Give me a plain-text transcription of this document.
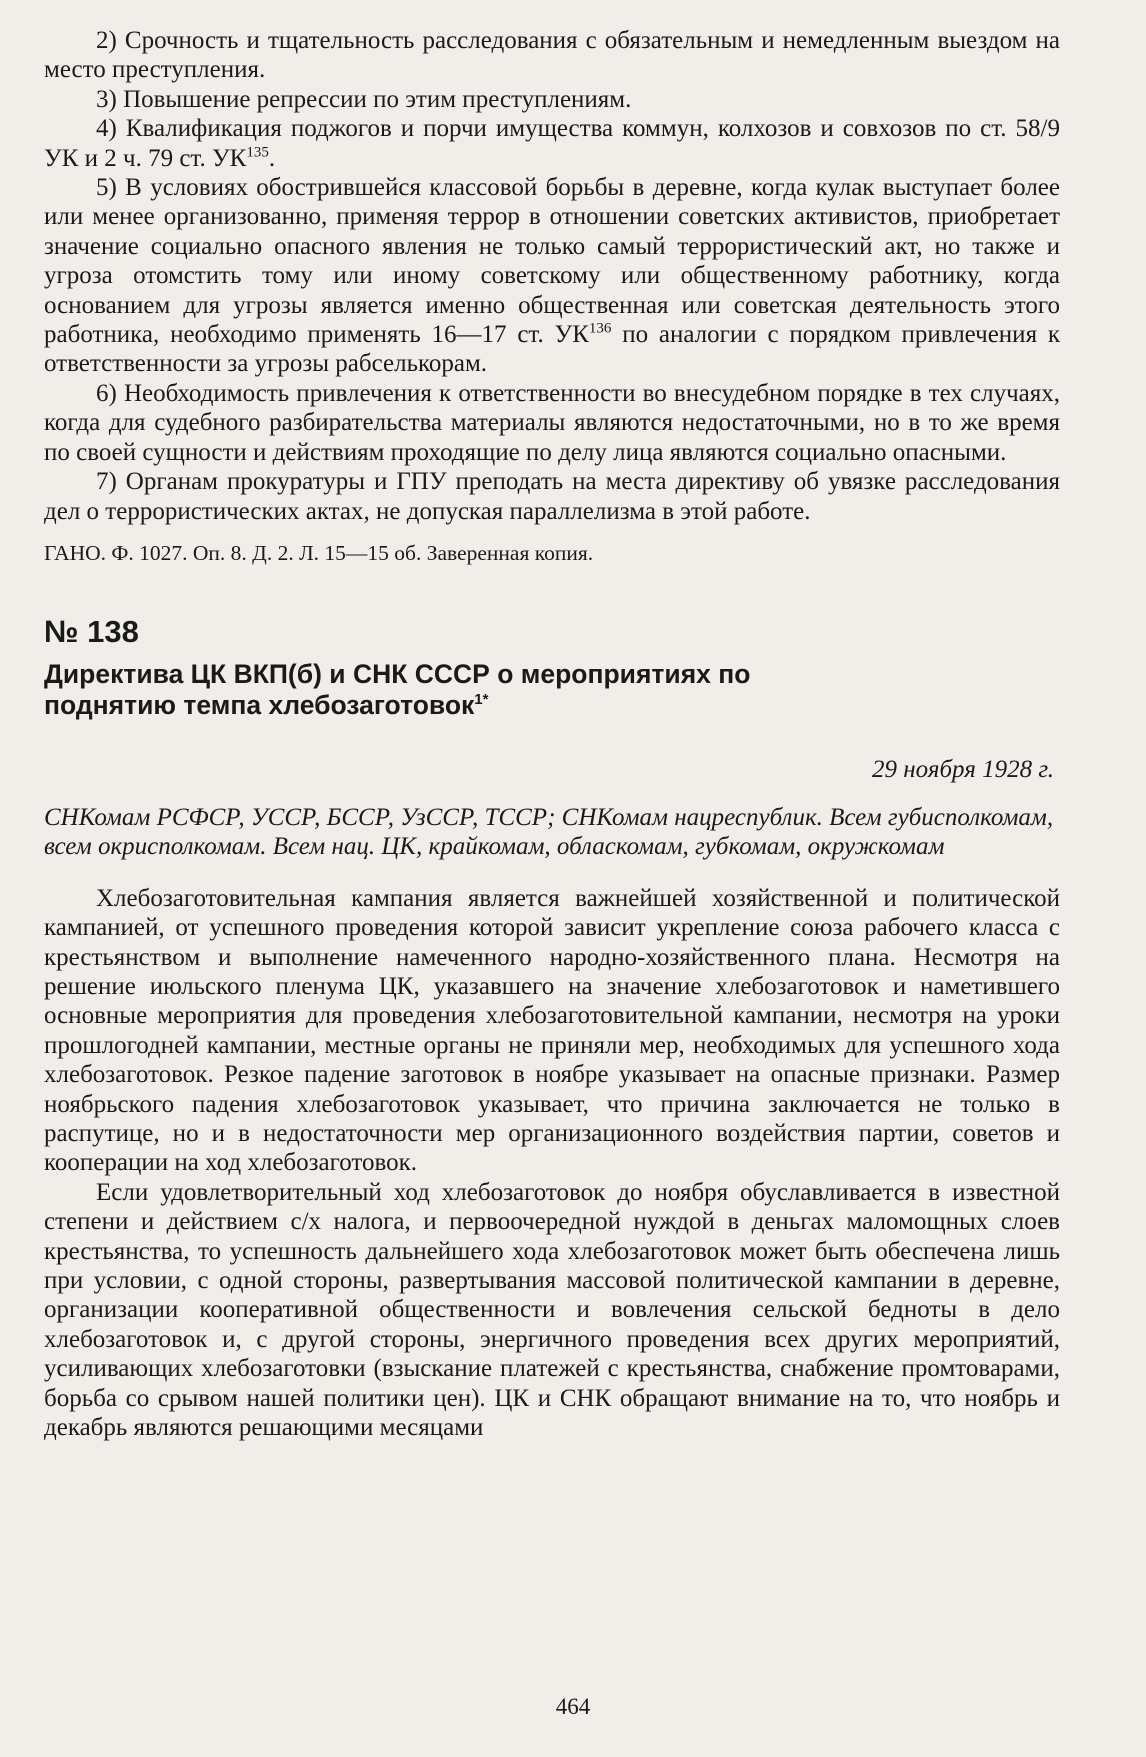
2) Срочность и тщательность расследования с обязательным и немедленным выездом на место преступления.

3) Повышение репрессии по этим преступлениям.

4) Квалификация поджогов и порчи имущества коммун, колхозов и совхозов по ст. 58/9 УК и 2 ч. 79 ст. УК$^{135}$.

5) В условиях обострившейся классовой борьбы в деревне, когда кулак выступает более или менее организованно, применяя террор в отношении советских активистов, приобретает значение социально опасного явления не только самый террористический акт, но также и угроза отомстить тому или иному советскому или общественному работнику, когда основанием для угрозы является именно общественная или советская деятельность этого работника, необходимо применять 16—17 ст. УК$^{136}$ по аналогии с порядком привлечения к ответственности за угрозы рабселькорам.

6) Необходимость привлечения к ответственности во внесудебном порядке в тех случаях, когда для судебного разбирательства материалы являются недостаточными, но в то же время по своей сущности и действиям проходящие по делу лица являются социально опасными.

7) Органам прокуратуры и ГПУ преподать на места директиву об увязке расследования дел о террористических актах, не допуская параллелизма в этой работе.

ГАНО. Ф. 1027. Оп. 8. Д. 2. Л. 15—15 об. Заверенная копия.

№ 138
Директива ЦК ВКП(б) и СНК СССР о мероприятиях по поднятию темпа хлебозаготовок$^{1*}$
29 ноября 1928 г.

СНКомам РСФСР, УССР, БССР, УзССР, ТССР; СНКомам нацреспублик. Всем губисполкомам, всем окрисполкомам. Всем нац. ЦК, крайкомам, обласкомам, губкомам, окружкомам

Хлебозаготовительная кампания является важнейшей хозяйственной и политической кампанией, от успешного проведения которой зависит укрепление союза рабочего класса с крестьянством и выполнение намеченного народно-хозяйственного плана. Несмотря на решение июльского пленума ЦК, указавшего на значение хлебозаготовок и наметившего основные мероприятия для проведения хлебозаготовительной кампании, несмотря на уроки прошлогодней кампании, местные органы не приняли мер, необходимых для успешного хода хлебозаготовок. Резкое падение заготовок в ноябре указывает на опасные признаки. Размер ноябрьского падения хлебозаготовок указывает, что причина заключается не только в распутице, но и в недостаточности мер организационного воздействия партии, советов и кооперации на ход хлебозаготовок.

Если удовлетворительный ход хлебозаготовок до ноября обуславливается в известной степени и действием с/х налога, и первоочередной нуждой в деньгах маломощных слоев крестьянства, то успешность дальнейшего хода хлебозаготовок может быть обеспечена лишь при условии, с одной стороны, развертывания массовой политической кампании в деревне, организации кооперативной общественности и вовлечения сельской бедноты в дело хлебозаготовок и, с другой стороны, энергичного проведения всех других мероприятий, усиливающих хлебозаготовки (взыскание платежей с крестьянства, снабжение промтоварами, борьба со срывом нашей политики цен). ЦК и СНК обращают внимание на то, что ноябрь и декабрь являются решающими месяцами

464
